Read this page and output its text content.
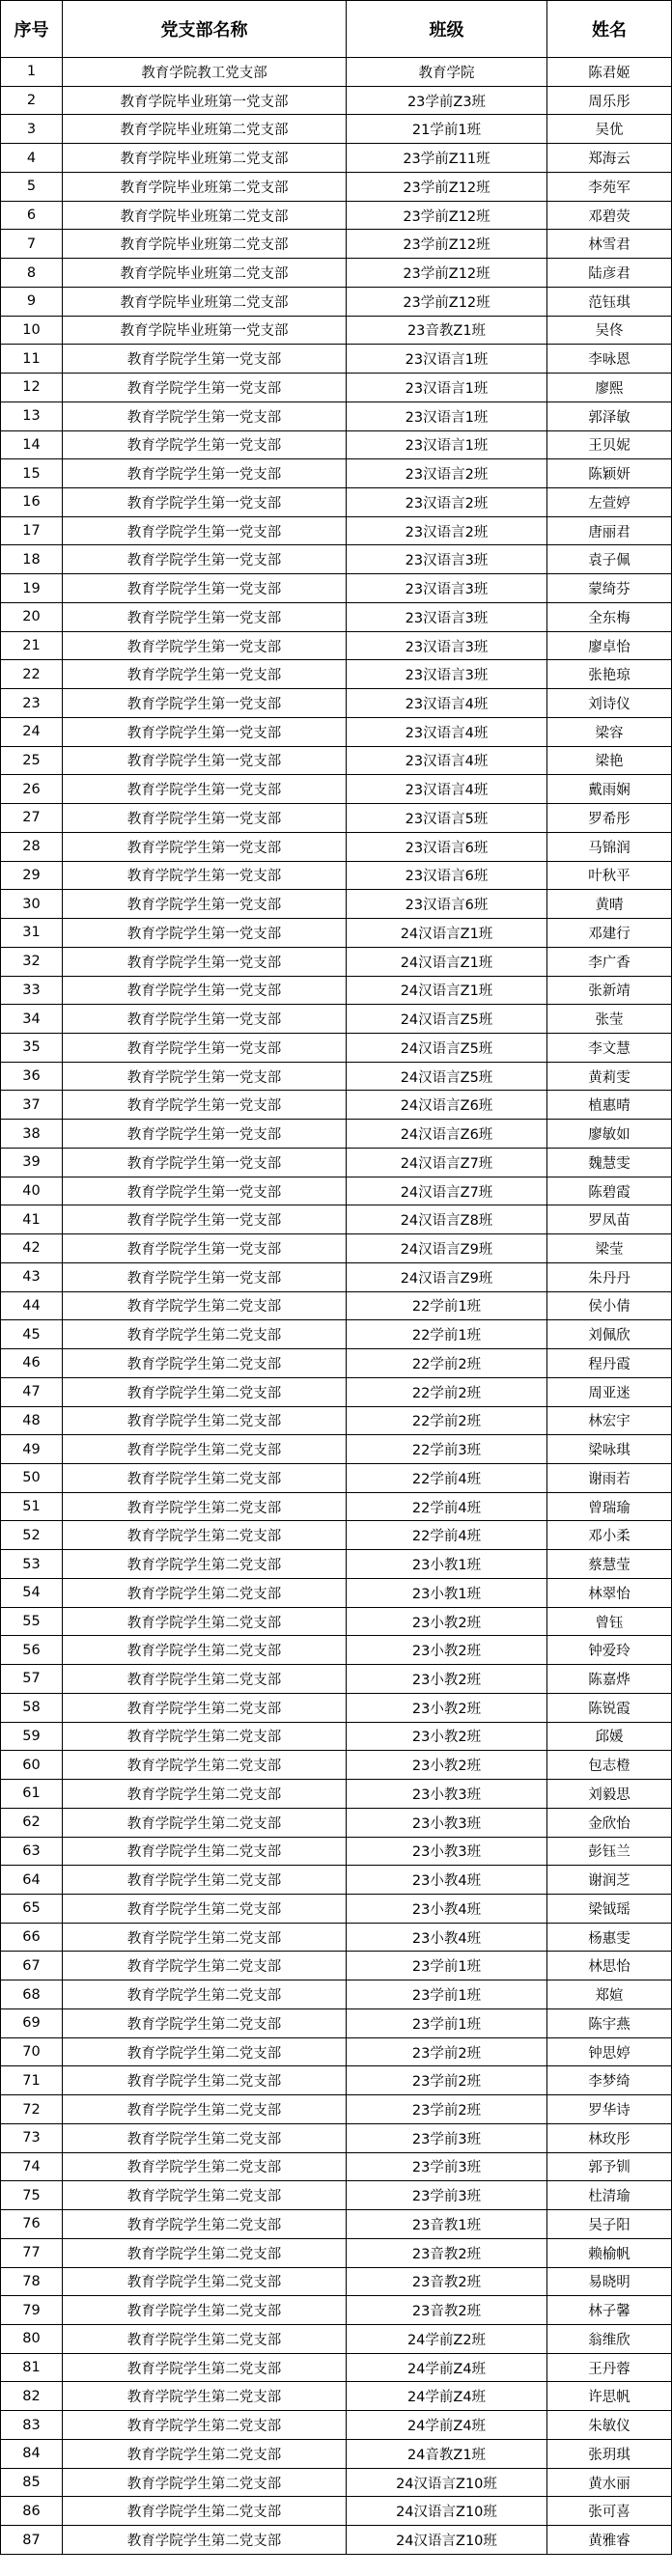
序号	党支部名称	班级	姓名
1	教育学院教工党支部	教育学院	陈君姬
2	教育学院毕业班第一党支部	23学前Z3班	周乐彤
3	教育学院毕业班第二党支部	21学前1班	吴优
4	教育学院毕业班第二党支部	23学前Z11班	郑海云
5	教育学院毕业班第二党支部	23学前Z12班	李苑军
6	教育学院毕业班第二党支部	23学前Z12班	邓碧荧
7	教育学院毕业班第二党支部	23学前Z12班	林雪君
8	教育学院毕业班第二党支部	23学前Z12班	陆彦君
9	教育学院毕业班第二党支部	23学前Z12班	范钰琪
10	教育学院毕业班第一党支部	23音教Z1班	吴佟
11	教育学院学生第一党支部	23汉语言1班	李咏恩
12	教育学院学生第一党支部	23汉语言1班	廖熙
13	教育学院学生第一党支部	23汉语言1班	郭泽敏
14	教育学院学生第一党支部	23汉语言1班	王贝妮
15	教育学院学生第一党支部	23汉语言2班	陈颖妍
16	教育学院学生第一党支部	23汉语言2班	左萱婷
17	教育学院学生第一党支部	23汉语言2班	唐丽君
18	教育学院学生第一党支部	23汉语言3班	袁子佩
19	教育学院学生第一党支部	23汉语言3班	蒙绮芬
20	教育学院学生第一党支部	23汉语言3班	全东梅
21	教育学院学生第一党支部	23汉语言3班	廖卓怡
22	教育学院学生第一党支部	23汉语言3班	张艳琼
23	教育学院学生第一党支部	23汉语言4班	刘诗仪
24	教育学院学生第一党支部	23汉语言4班	梁容
25	教育学院学生第一党支部	23汉语言4班	梁艳
26	教育学院学生第一党支部	23汉语言4班	戴雨娴
27	教育学院学生第一党支部	23汉语言5班	罗希彤
28	教育学院学生第一党支部	23汉语言6班	马锦润
29	教育学院学生第一党支部	23汉语言6班	叶秋平
30	教育学院学生第一党支部	23汉语言6班	黄晴
31	教育学院学生第一党支部	24汉语言Z1班	邓建行
32	教育学院学生第一党支部	24汉语言Z1班	李广香
33	教育学院学生第一党支部	24汉语言Z1班	张新靖
34	教育学院学生第一党支部	24汉语言Z5班	张莹
35	教育学院学生第一党支部	24汉语言Z5班	李文慧
36	教育学院学生第一党支部	24汉语言Z5班	黄莉雯
37	教育学院学生第一党支部	24汉语言Z6班	植惠晴
38	教育学院学生第一党支部	24汉语言Z6班	廖敏如
39	教育学院学生第一党支部	24汉语言Z7班	魏慧雯
40	教育学院学生第一党支部	24汉语言Z7班	陈碧霞
41	教育学院学生第一党支部	24汉语言Z8班	罗凤苗
42	教育学院学生第一党支部	24汉语言Z9班	梁莹
43	教育学院学生第一党支部	24汉语言Z9班	朱丹丹
44	教育学院学生第二党支部	22学前1班	侯小倩
45	教育学院学生第二党支部	22学前1班	刘佩欣
46	教育学院学生第二党支部	22学前2班	程丹霞
47	教育学院学生第二党支部	22学前2班	周亚迷
48	教育学院学生第二党支部	22学前2班	林宏宇
49	教育学院学生第二党支部	22学前3班	梁咏琪
50	教育学院学生第二党支部	22学前4班	谢雨若
51	教育学院学生第二党支部	22学前4班	曾瑞瑜
52	教育学院学生第二党支部	22学前4班	邓小柔
53	教育学院学生第二党支部	23小教1班	蔡慧莹
54	教育学院学生第二党支部	23小教1班	林翠怡
55	教育学院学生第二党支部	23小教2班	曾钰
56	教育学院学生第二党支部	23小教2班	钟爱玲
57	教育学院学生第二党支部	23小教2班	陈嘉烨
58	教育学院学生第二党支部	23小教2班	陈锐霞
59	教育学院学生第二党支部	23小教2班	邱媛
60	教育学院学生第二党支部	23小教2班	包志橙
61	教育学院学生第二党支部	23小教3班	刘毅思
62	教育学院学生第二党支部	23小教3班	金欣怡
63	教育学院学生第二党支部	23小教3班	彭钰兰
64	教育学院学生第二党支部	23小教4班	谢润芝
65	教育学院学生第二党支部	23小教4班	梁钺瑶
66	教育学院学生第二党支部	23小教4班	杨惠雯
67	教育学院学生第二党支部	23学前1班	林思怡
68	教育学院学生第二党支部	23学前1班	郑媗
69	教育学院学生第二党支部	23学前1班	陈宇燕
70	教育学院学生第二党支部	23学前2班	钟思婷
71	教育学院学生第二党支部	23学前2班	李梦绮
72	教育学院学生第二党支部	23学前2班	罗华诗
73	教育学院学生第二党支部	23学前3班	林玫彤
74	教育学院学生第二党支部	23学前3班	郭予钏
75	教育学院学生第二党支部	23学前3班	杜清瑜
76	教育学院学生第二党支部	23音教1班	吴子阳
77	教育学院学生第二党支部	23音教2班	赖榆帆
78	教育学院学生第二党支部	23音教2班	易晓明
79	教育学院学生第二党支部	23音教2班	林子馨
80	教育学院学生第二党支部	24学前Z2班	翁维欣
81	教育学院学生第二党支部	24学前Z4班	王丹蓉
82	教育学院学生第二党支部	24学前Z4班	许思帆
83	教育学院学生第二党支部	24学前Z4班	朱敏仪
84	教育学院学生第二党支部	24音教Z1班	张玥琪
85	教育学院学生第二党支部	24汉语言Z10班	黄水丽
86	教育学院学生第二党支部	24汉语言Z10班	张可喜
87	教育学院学生第二党支部	24汉语言Z10班	黄雅睿
